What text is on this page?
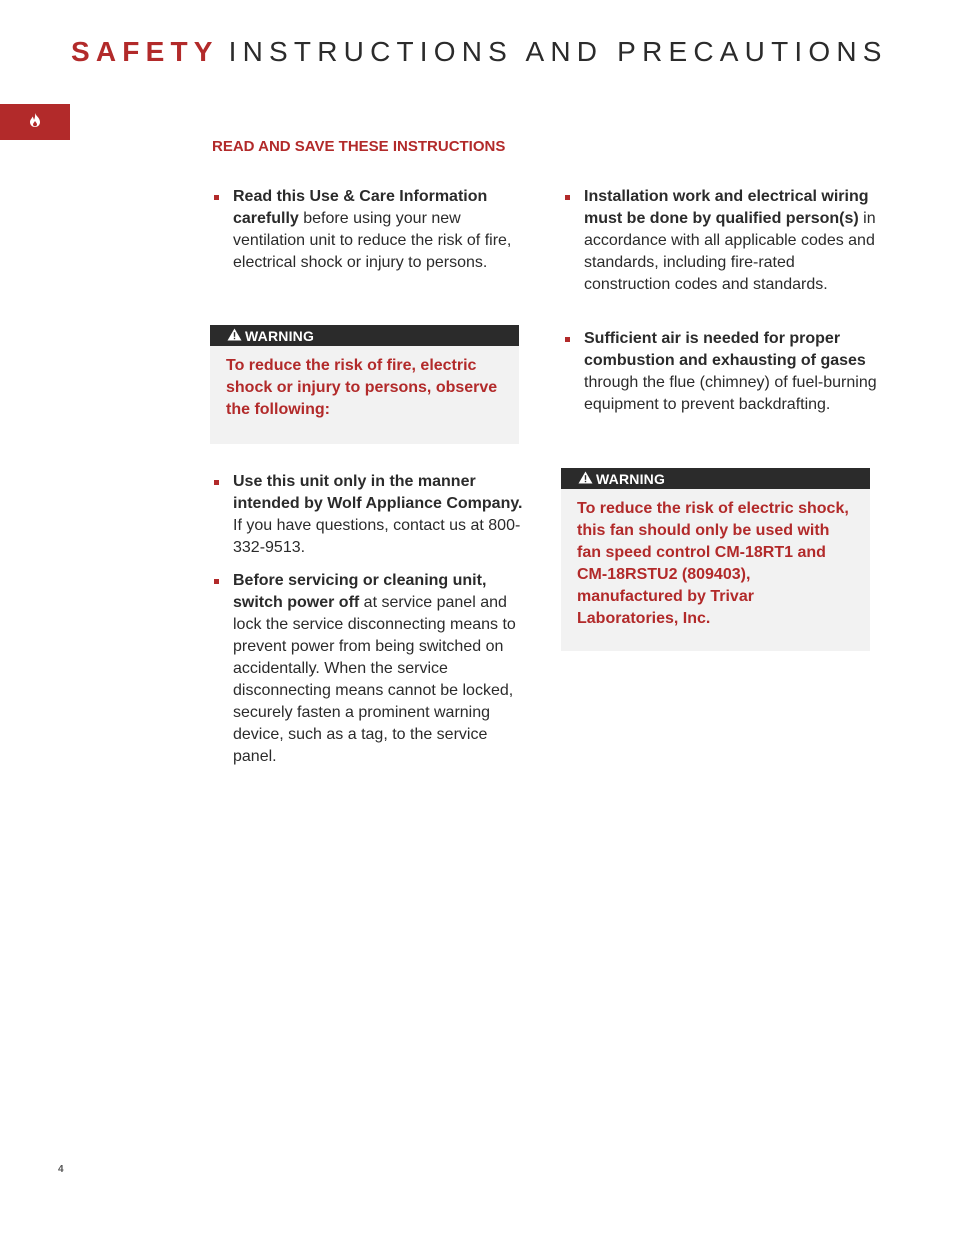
SAFETY INSTRUCTIONS AND PRECAUTIONS
READ AND SAVE THESE INSTRUCTIONS

Read this Use & Care Information carefully before using your new ventilation unit to reduce the risk of fire, electrical shock or injury to persons.

WARNING

To reduce the risk of fire, electric shock or injury to persons, observe the following:

Use this unit only in the manner intended by Wolf Appliance Company. If you have questions, contact us at 800-332-9513.

Before servicing or cleaning unit, switch power off at service panel and lock the service disconnecting means to prevent power from being switched on accidentally. When the service disconnecting means cannot be locked, securely fasten a prominent warning device, such as a tag, to the service panel.

Installation work and electrical wiring must be done by qualified person(s) in accordance with all applicable codes and standards, including fire-rated construction codes and standards.

Sufficient air is needed for proper combustion and exhausting of gases through the flue (chimney) of fuel-burning equipment to prevent backdrafting.

WARNING

To reduce the risk of electric shock, this fan should only be used with fan speed control CM-18RT1 and CM-18RSTU2 (809403), manufactured by Trivar Laboratories, Inc.

4
